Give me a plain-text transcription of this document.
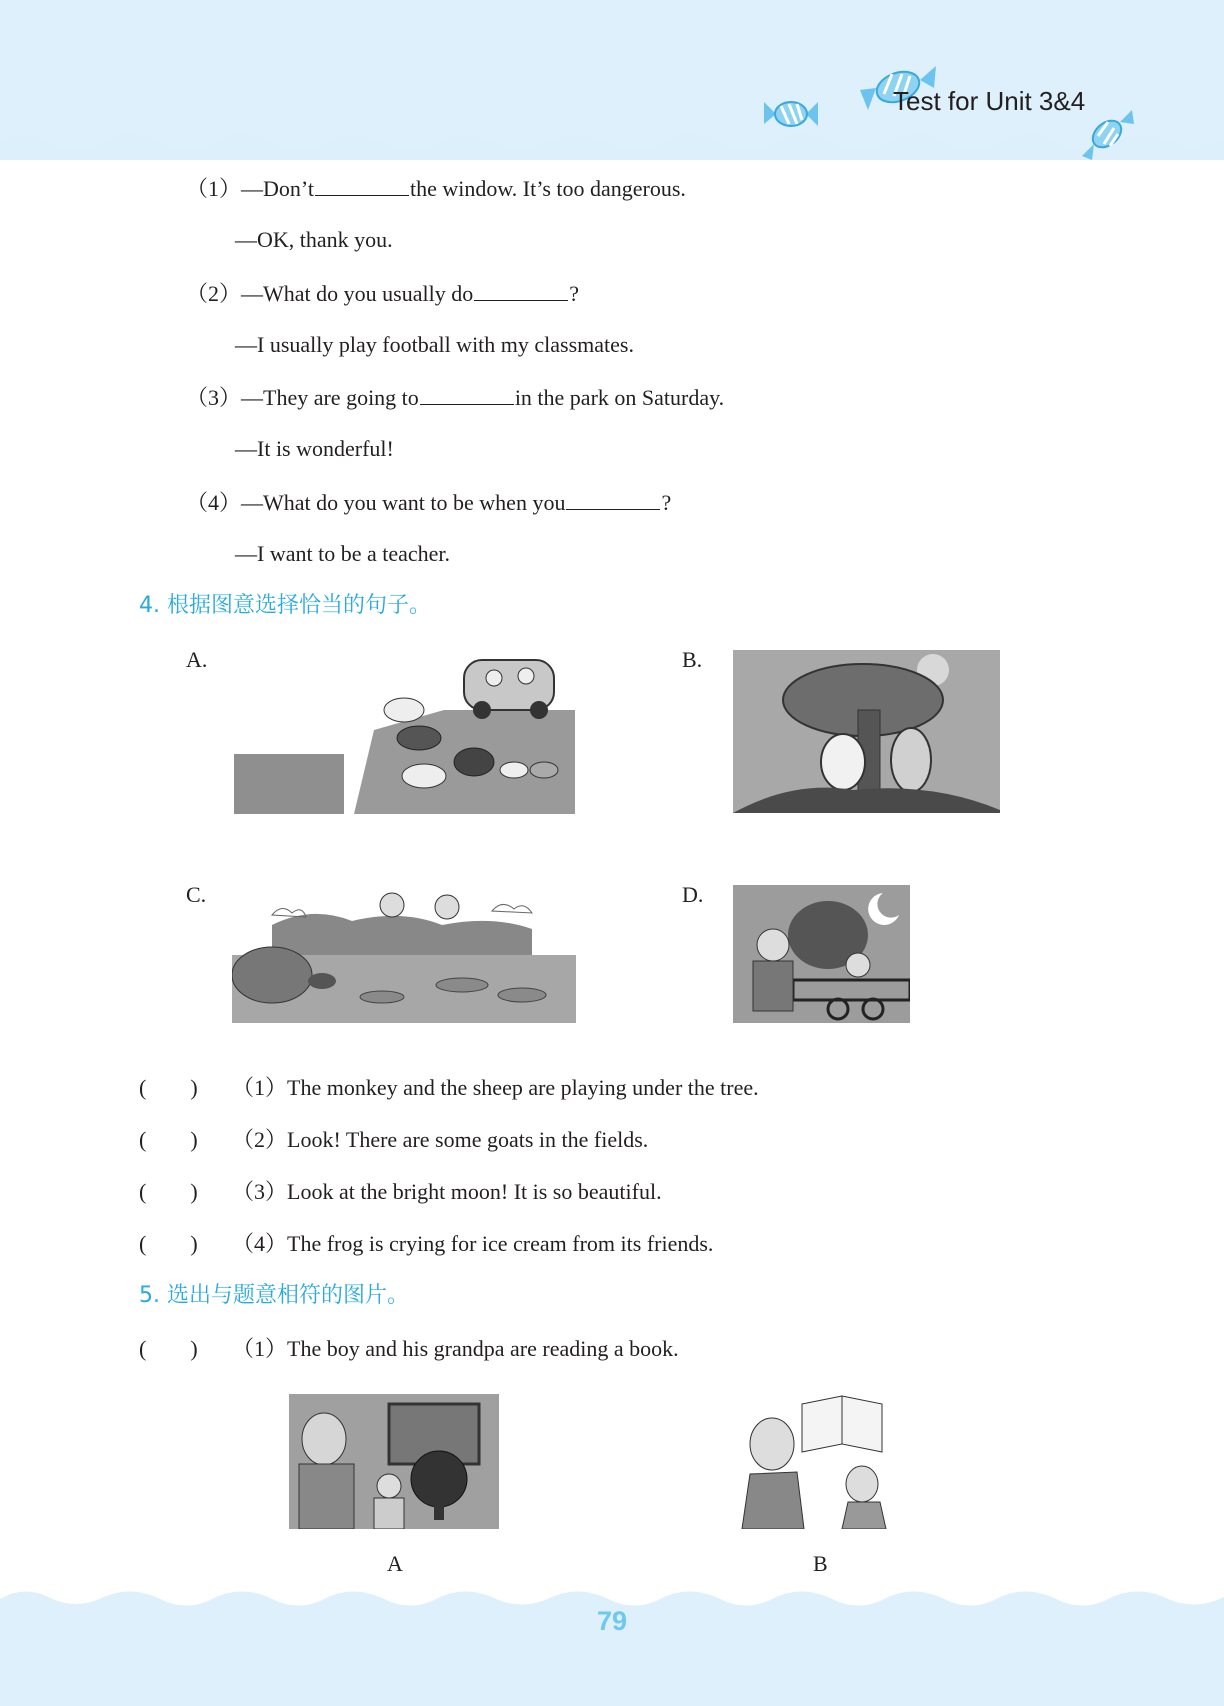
Test for Unit 3&4
（1）—Don’t	the window. It’s too dangerous.
—OK, thank you.
（2）—What do you usually do	?
—I usually play football with my classmates.
（3）—They are going to	in the park on Saturday.
—It is wonderful!
（4）—What do you want to be when you	?
—I want to be a teacher.
4. 根据图意选择恰当的句子。
A.	B.
C.	D.
(　　) （1）The monkey and the sheep are playing under the tree.
(　　) （2）Look! There are some goats in the fields.
(　　) （3）Look at the bright moon! It is so beautiful.
(　　) （4）The frog is crying for ice cream from its friends.
5. 选出与题意相符的图片。
(　　) （1）The boy and his grandpa are reading a book.
A	B
79
